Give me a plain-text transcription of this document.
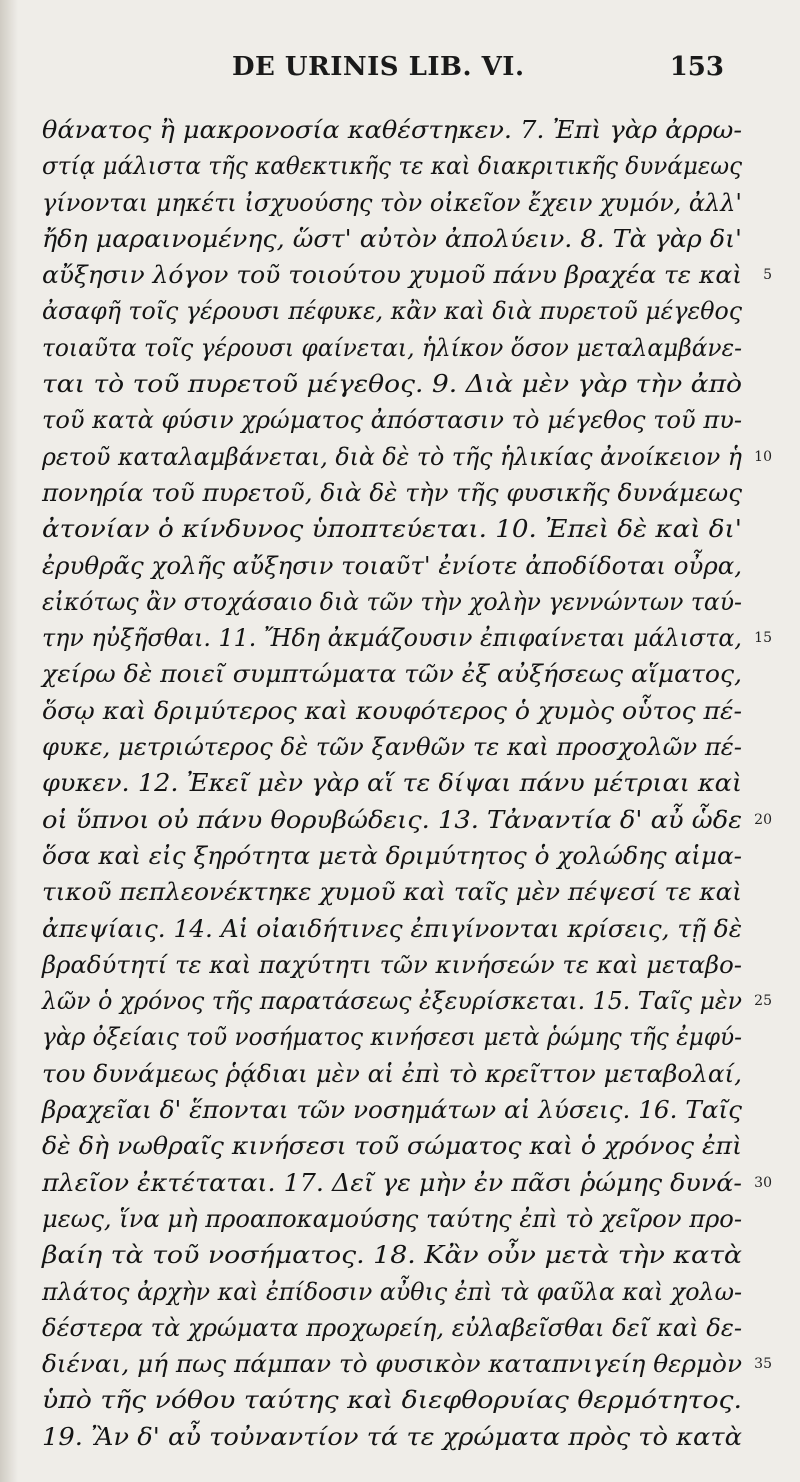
DE URINIS LIB. VI.	153
θάνατος ἢ μακρονοσία καθέστηκεν. 7. Ἐπὶ γὰρ ἀρρω-
στίᾳ μάλιστα τῆς καθεκτικῆς τε καὶ διακριτικῆς δυνάμεως
γίνονται μηκέτι ἰσχυούσης τὸν οἰκεῖον ἔχειν χυμόν, ἀλλ'
ἤδη μαραινομένης, ὥστ' αὐτὸν ἀπολύειν. 8. Τὰ γὰρ δι'
αὔξησιν λόγον τοῦ τοιούτου χυμοῦ πάνυ βραχέα τε καὶ 5
ἀσαφῆ τοῖς γέρουσι πέφυκε, κἂν καὶ διὰ πυρετοῦ μέγεθος
τοιαῦτα τοῖς γέρουσι φαίνεται, ἡλίκον ὅσον μεταλαμβάνε-
ται τὸ τοῦ πυρετοῦ μέγεθος. 9. Διὰ μὲν γὰρ τὴν ἀπὸ
τοῦ κατὰ φύσιν χρώματος ἀπόστασιν τὸ μέγεθος τοῦ πυ-
ρετοῦ καταλαμβάνεται, διὰ δὲ τὸ τῆς ἡλικίας ἀνοίκειον ἡ 10
πονηρία τοῦ πυρετοῦ, διὰ δὲ τὴν τῆς φυσικῆς δυνάμεως
ἀτονίαν ὁ κίνδυνος ὑποπτεύεται. 10. Ἐπεὶ δὲ καὶ δι'
ἐρυθρᾶς χολῆς αὔξησιν τοιαῦτ' ἐνίοτε ἀποδίδοται οὖρα,
εἰκότως ἂν στοχάσαιο διὰ τῶν τὴν χολὴν γεννώντων ταύ-
την ηὐξῆσθαι. 11. Ἤδη ἀκμάζουσιν ἐπιφαίνεται μάλιστα, 15
χείρω δὲ ποιεῖ συμπτώματα τῶν ἐξ αὐξήσεως αἵματος,
ὅσῳ καὶ δριμύτερος καὶ κουφότερος ὁ χυμὸς οὗτος πέ-
φυκε, μετριώτερος δὲ τῶν ξανθῶν τε καὶ προσχολῶν πέ-
φυκεν. 12. Ἐκεῖ μὲν γὰρ αἵ τε δίψαι πάνυ μέτριαι καὶ
οἱ ὕπνοι οὐ πάνυ θορυβώδεις. 13. Τἀναντία δ' αὖ ὧδε 20
ὅσα καὶ εἰς ξηρότητα μετὰ δριμύτητος ὁ χολώδης αἱμα-
τικοῦ πεπλεονέκτηκε χυμοῦ καὶ ταῖς μὲν πέψεσί τε καὶ
ἀπεψίαις. 14. Αἱ οἰαιδήτινες ἐπιγίνονται κρίσεις, τῇ δὲ
βραδύτητί τε καὶ παχύτητι τῶν κινήσεών τε καὶ μεταβο-
λῶν ὁ χρόνος τῆς παρατάσεως ἐξευρίσκεται. 15. Ταῖς μὲν 25
γὰρ ὀξείαις τοῦ νοσήματος κινήσεσι μετὰ ῥώμης τῆς ἐμφύ-
του δυνάμεως ῥᾴδιαι μὲν αἱ ἐπὶ τὸ κρεῖττον μεταβολαί,
βραχεῖαι δ' ἕπονται τῶν νοσημάτων αἱ λύσεις. 16. Ταῖς
δὲ δὴ νωθραῖς κινήσεσι τοῦ σώματος καὶ ὁ χρόνος ἐπὶ
πλεῖον ἐκτέταται. 17. Δεῖ γε μὴν ἐν πᾶσι ῥώμης δυνά- 30
μεως, ἵνα μὴ προαποκαμούσης ταύτης ἐπὶ τὸ χεῖρον προ-
βαίη τὰ τοῦ νοσήματος. 18. Κἂν οὖν μετὰ τὴν κατὰ
πλάτος ἀρχὴν καὶ ἐπίδοσιν αὖθις ἐπὶ τὰ φαῦλα καὶ χολω-
δέστερα τὰ χρώματα προχωρείη, εὐλαβεῖσθαι δεῖ καὶ δε-
διέναι, μή πως πάμπαν τὸ φυσικὸν καταπνιγείη θερμὸν 35
ὑπὸ τῆς νόθου ταύτης καὶ διεφθορυίας θερμότητος.
19. Ἂν δ' αὖ τοὐναντίον τά τε χρώματα πρὸς τὸ κατὰ
